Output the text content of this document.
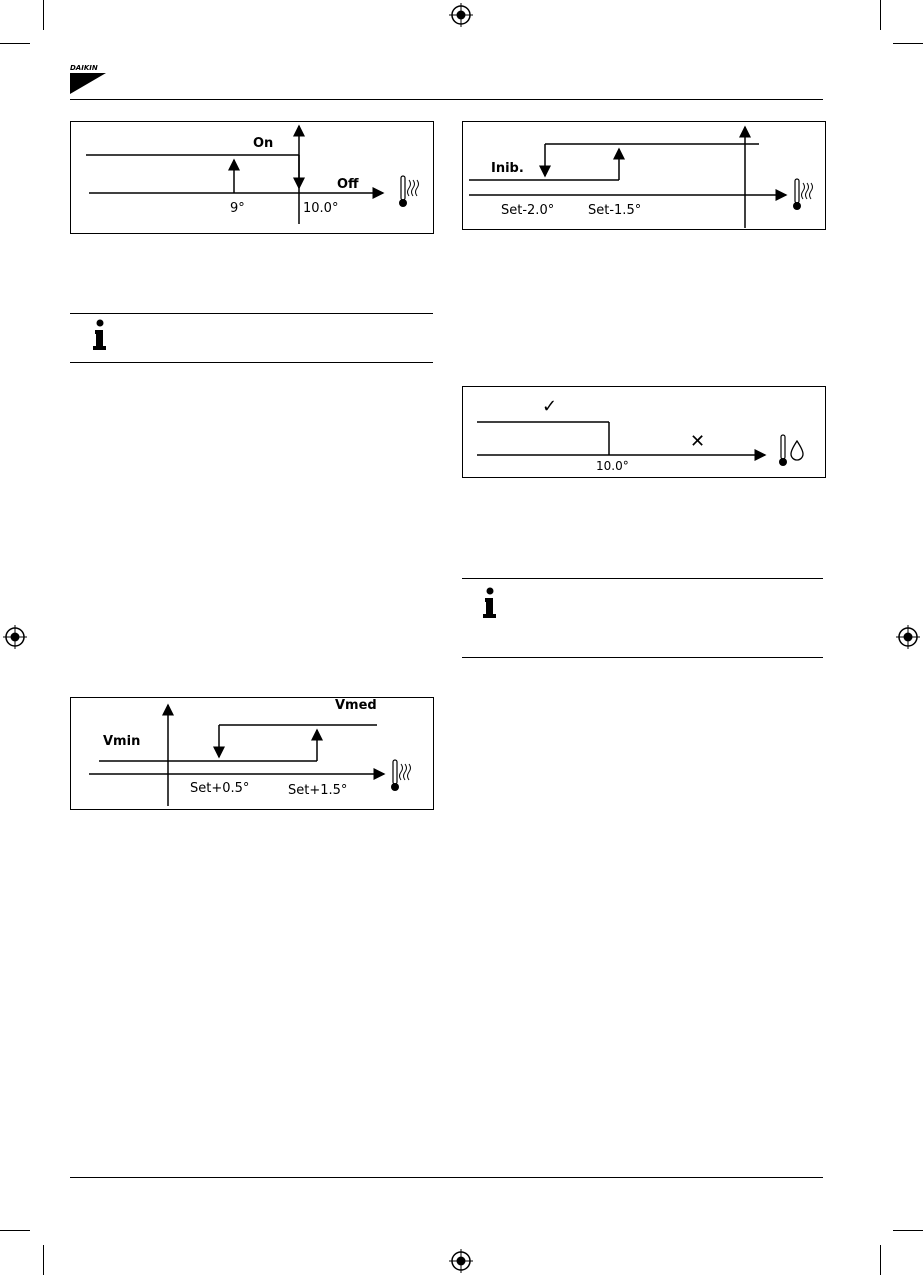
DAIKIN
On
Off
9°	10.0°
Inib.
Set-2.0°	Set-1.5°
✓
✕
10.0°
Vmin
Vmed
Set+0.5°	Set+1.5°
